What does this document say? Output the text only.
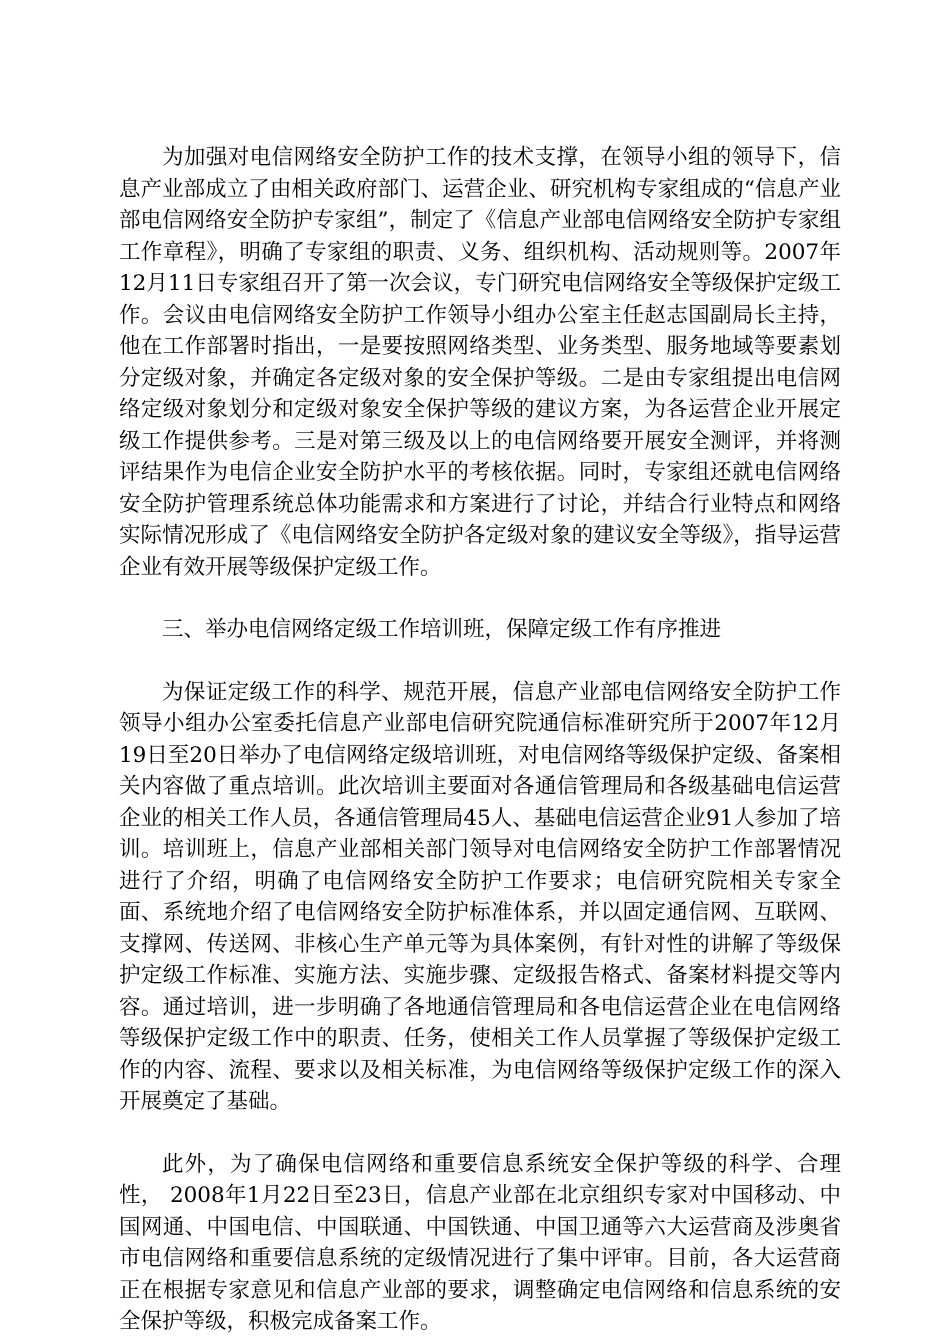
为加强对电信网络安全防护工作的技术支撑，在领导小组的领导下，信息产业部成立了由相关政府部门、运营企业、研究机构专家组成的“信息产业部电信网络安全防护专家组”，制定了《信息产业部电信网络安全防护专家组工作章程》，明确了专家组的职责、义务、组织机构、活动规则等。2007年12月11日专家组召开了第一次会议，专门研究电信网络安全等级保护定级工作。会议由电信网络安全防护工作领导小组办公室主任赵志国副局长主持，他在工作部署时指出，一是要按照网络类型、业务类型、服务地域等要素划分定级对象，并确定各定级对象的安全保护等级。二是由专家组提出电信网络定级对象划分和定级对象安全保护等级的建议方案，为各运营企业开展定级工作提供参考。三是对第三级及以上的电信网络要开展安全测评，并将测评结果作为电信企业安全防护水平的考核依据。同时，专家组还就电信网络安全防护管理系统总体功能需求和方案进行了讨论，并结合行业特点和网络实际情况形成了《电信网络安全防护各定级对象的建议安全等级》，指导运营企业有效开展等级保护定级工作。

三、举办电信网络定级工作培训班，保障定级工作有序推进

为保证定级工作的科学、规范开展，信息产业部电信网络安全防护工作领导小组办公室委托信息产业部电信研究院通信标准研究所于2007年12月19日至20日举办了电信网络定级培训班，对电信网络等级保护定级、备案相关内容做了重点培训。此次培训主要面对各通信管理局和各级基础电信运营企业的相关工作人员，各通信管理局45人、基础电信运营企业91人参加了培训。培训班上，信息产业部相关部门领导对电信网络安全防护工作部署情况进行了介绍，明确了电信网络安全防护工作要求；电信研究院相关专家全面、系统地介绍了电信网络安全防护标准体系，并以固定通信网、互联网、支撑网、传送网、非核心生产单元等为具体案例，有针对性的讲解了等级保护定级工作标准、实施方法、实施步骤、定级报告格式、备案材料提交等内容。通过培训，进一步明确了各地通信管理局和各电信运营企业在电信网络等级保护定级工作中的职责、任务，使相关工作人员掌握了等级保护定级工作的内容、流程、要求以及相关标准，为电信网络等级保护定级工作的深入开展奠定了基础。

此外，为了确保电信网络和重要信息系统安全保护等级的科学、合理性， 2008年1月22日至23日，信息产业部在北京组织专家对中国移动、中国网通、中国电信、中国联通、中国铁通、中国卫通等六大运营商及涉奥省市电信网络和重要信息系统的定级情况进行了集中评审。目前，各大运营商正在根据专家意见和信息产业部的要求，调整确定电信网络和信息系统的安全保护等级，积极完成备案工作。
